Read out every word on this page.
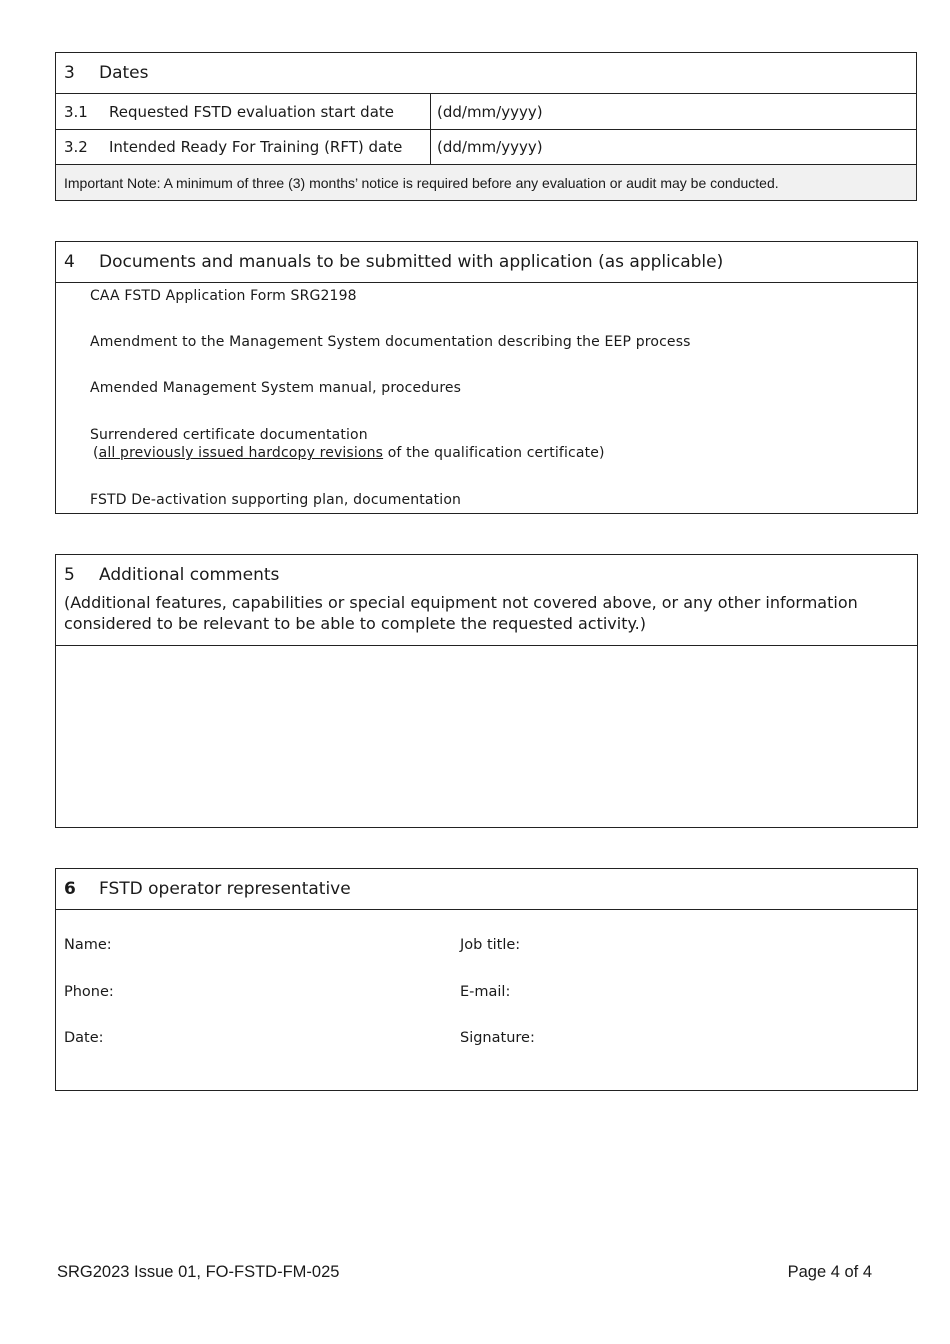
3	Dates
3.1	Requested FSTD evaluation start date	(dd/mm/yyyy)
3.2	Intended Ready For Training (RFT) date (dd/mm/yyyy)
Important Note: A minimum of three (3) months’ notice is required before any evaluation or audit may be conducted.
4	Documents and manuals to be submitted with application (as applicable)
CAA FSTD Application Form SRG2198
Amendment to the Management System documentation describing the EEP process
Amended Management System manual, procedures
Surrendered certificate documentation
(all previously issued hardcopy revisions of the qualification certificate)
FSTD De-activation supporting plan, documentation
5	Additional comments
(Additional features, capabilities or special equipment not covered above, or any other information considered to be relevant to be able to complete the requested activity.)
6	FSTD operator representative
Name:	Job title:
Phone:	E-mail:
Date:	Signature:
SRG2023 Issue 01, FO-FSTD-FM-025	Page 4 of 4
